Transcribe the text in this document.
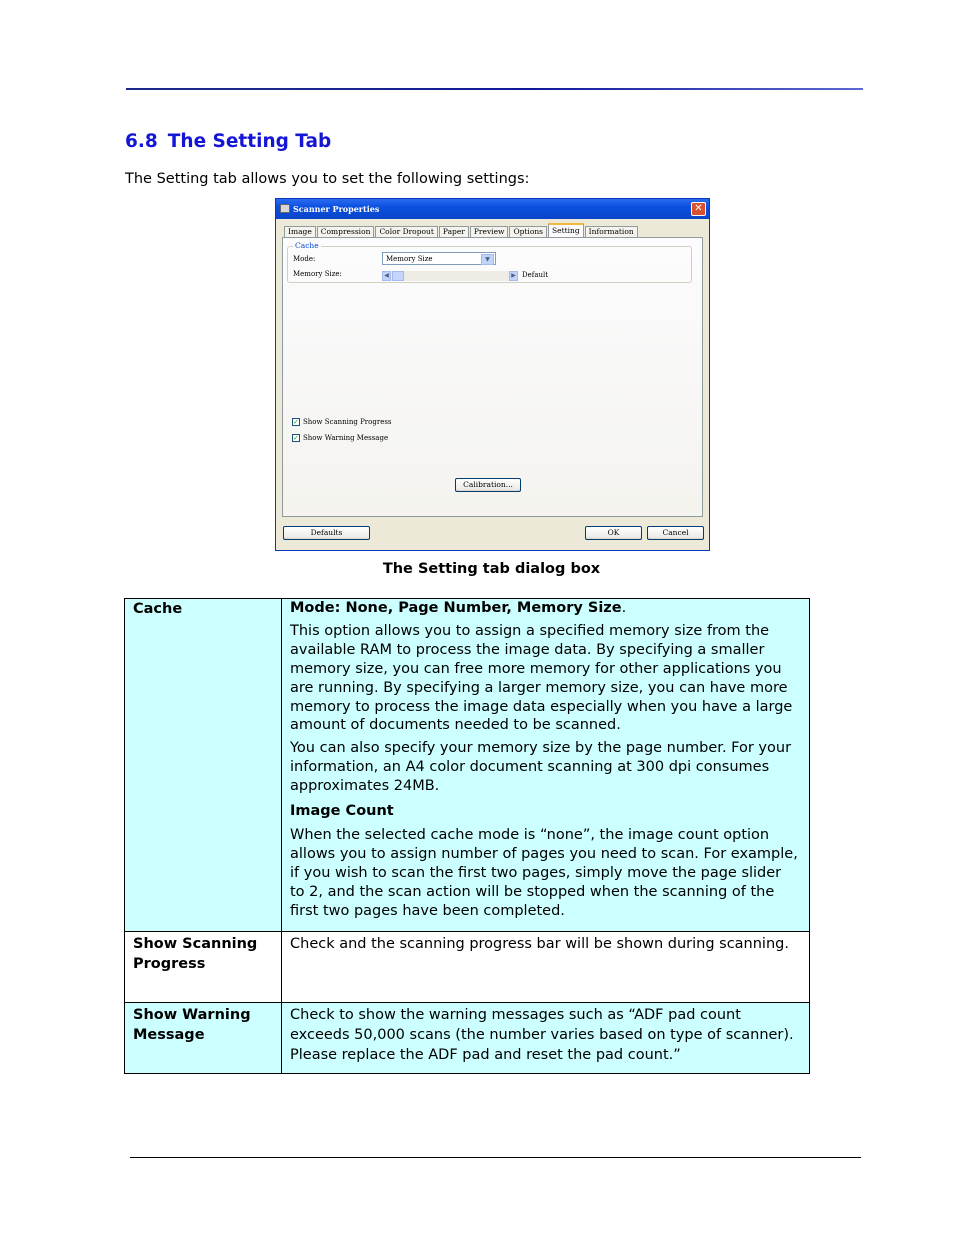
6.8 The Setting Tab

The Setting tab allows you to set the following settings:

Scanner Properties	✕
Image	Compression	Color Dropout	Paper	Preview	Options	Setting	Information
Cache
Mode:	Memory Size	▼
Memory Size:	◀	▶ Default
✓ Show Scanning Progress
✓ Show Warning Message
Calibration...
Defaults	OK	Cancel

The Setting tab dialog box

Cache	Mode: None, Page Number, Memory Size.

This option allows you to assign a specified memory size from the available RAM to process the image data. By specifying a smaller memory size, you can free more memory for other applications you are running. By specifying a larger memory size, you can have more memory to process the image data especially when you have a large amount of documents needed to be scanned.

You can also specify your memory size by the page number. For your information, an A4 color document scanning at 300 dpi consumes approximates 24MB.

Image Count

When the selected cache mode is “none”, the image count option allows you to assign number of pages you need to scan. For example, if you wish to scan the first two pages, simply move the page slider to 2, and the scan action will be stopped when the scanning of the first two pages have been completed.

Show Scanning Progress	Check and the scanning progress bar will be shown during scanning.

Show Warning Message	Check to show the warning messages such as “ADF pad count exceeds 50,000 scans (the number varies based on type of scanner). Please replace the ADF pad and reset the pad count.”
